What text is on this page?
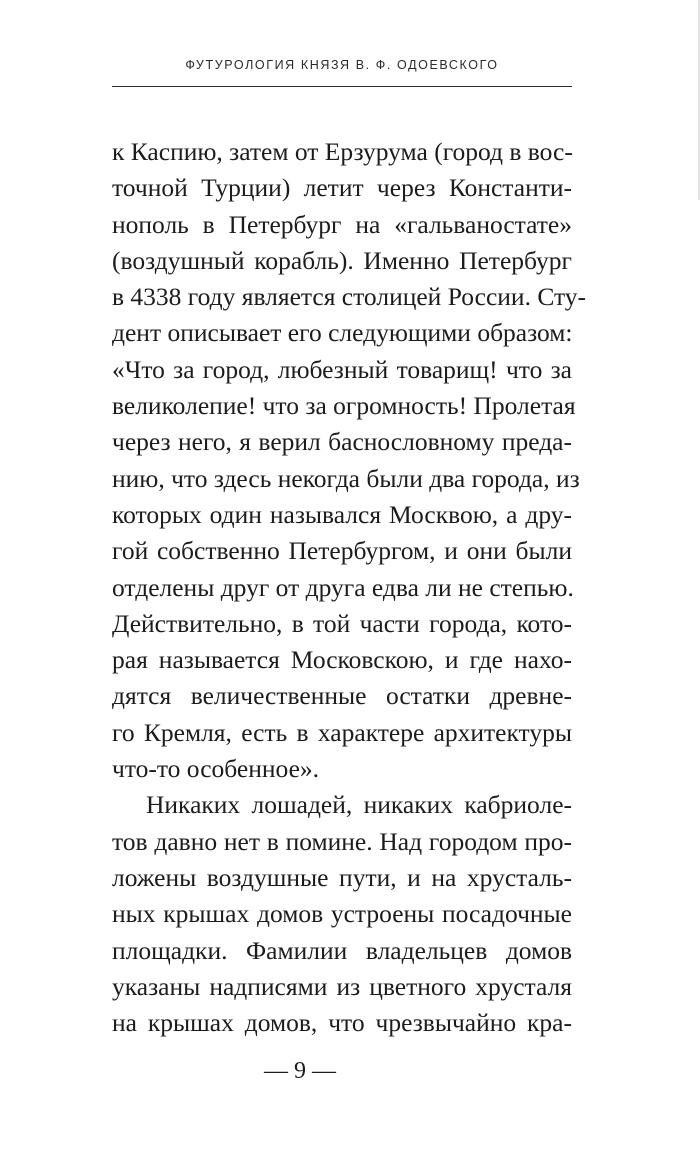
ФУТУРОЛОГИЯ КНЯЗЯ В. Ф. ОДОЕВСКОГО
к Каспию, затем от Ерзурума (город в вос-
точной Турции) летит через Константи-
нополь в Петербург на «гальваностате»
(воздушный корабль). Именно Петербург
в 4338 году является столицей России. Сту-
дент описывает его следующими образом:
«Что за город, любезный товарищ! что за
великолепие! что за огромность! Пролетая
через него, я верил баснословному преда-
нию, что здесь некогда были два города, из
которых один назывался Москвою, а дру-
гой собственно Петербургом, и они были
отделены друг от друга едва ли не степью.
Действительно, в той части города, кото-
рая называется Московскою, и где нахо-
дятся величественные остатки древне-
го Кремля, есть в характере архитектуры
что-то особенное».
Никаких лошадей, никаких кабриоле-
тов давно нет в помине. Над городом про-
ложены воздушные пути, и на хрусталь-
ных крышах домов устроены посадочные
площадки. Фамилии владельцев домов
указаны надписями из цветного хрусталя
на крышах домов, что чрезвычайно кра-
— 9 —
